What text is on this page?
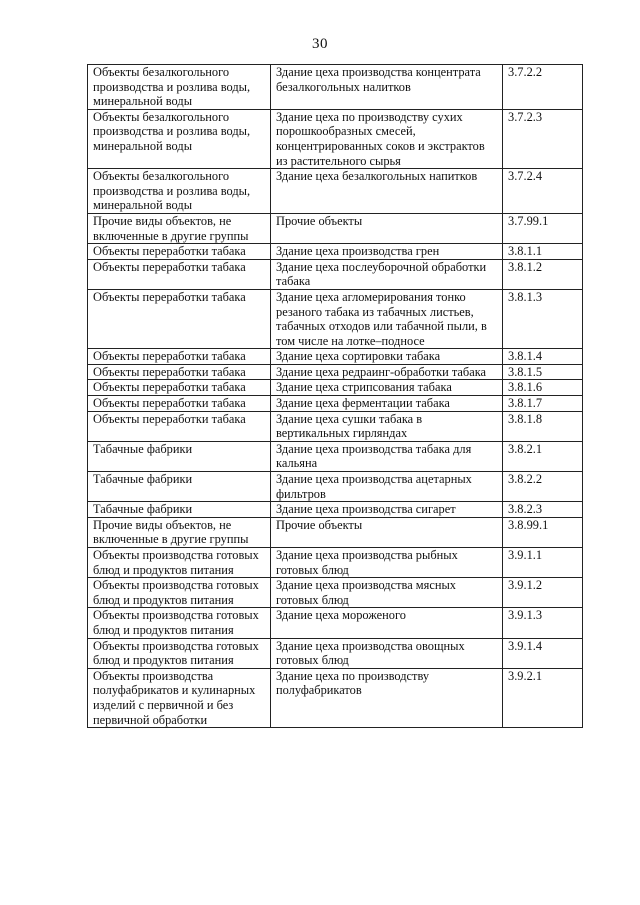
30
Объекты безалкогольного производства и розлива воды, минеральной воды	Здание цеха производства концентрата безалкогольных налитков	3.7.2.2
Объекты безалкогольного производства и розлива воды, минеральной воды	Здание цеха по производству сухих порошкообразных смесей, концентрированных соков и экстрактов из растительного сырья	3.7.2.3
Объекты безалкогольного производства и розлива воды, минеральной воды	Здание цеха безалкогольных напитков	3.7.2.4
Прочие виды объектов, не включенные в другие группы	Прочие объекты	3.7.99.1
Объекты переработки табака	Здание цеха производства грен	3.8.1.1
Объекты переработки табака	Здание цеха послеуборочной обработки табака	3.8.1.2
Объекты переработки табака	Здание цеха агломерирования тонко резаного табака из табачных листьев, табачных отходов или табачной пыли, в том числе на лотке–подносе	3.8.1.3
Объекты переработки табака	Здание цеха сортировки табака	3.8.1.4
Объекты переработки табака	Здание цеха редраинг-обработки табака	3.8.1.5
Объекты переработки табака	Здание цеха стрипсования табака	3.8.1.6
Объекты переработки табака	Здание цеха ферментации табака	3.8.1.7
Объекты переработки табака	Здание цеха сушки табака в вертикальных гирляндах	3.8.1.8
Табачные фабрики	Здание цеха производства табака для кальяна	3.8.2.1
Табачные фабрики	Здание цеха производства ацетарных фильтров	3.8.2.2
Табачные фабрики	Здание цеха производства сигарет	3.8.2.3
Прочие виды объектов, не включенные в другие группы	Прочие объекты	3.8.99.1
Объекты производства готовых блюд и продуктов питания	Здание цеха производства рыбных готовых блюд	3.9.1.1
Объекты производства готовых блюд и продуктов питания	Здание цеха производства мясных готовых блюд	3.9.1.2
Объекты производства готовых блюд и продуктов питания	Здание цеха мороженого	3.9.1.3
Объекты производства готовых блюд и продуктов питания	Здание цеха производства овощных готовых блюд	3.9.1.4
Объекты производства полуфабрикатов и кулинарных изделий с первичной и без первичной обработки	Здание цеха по производству полуфабрикатов	3.9.2.1
